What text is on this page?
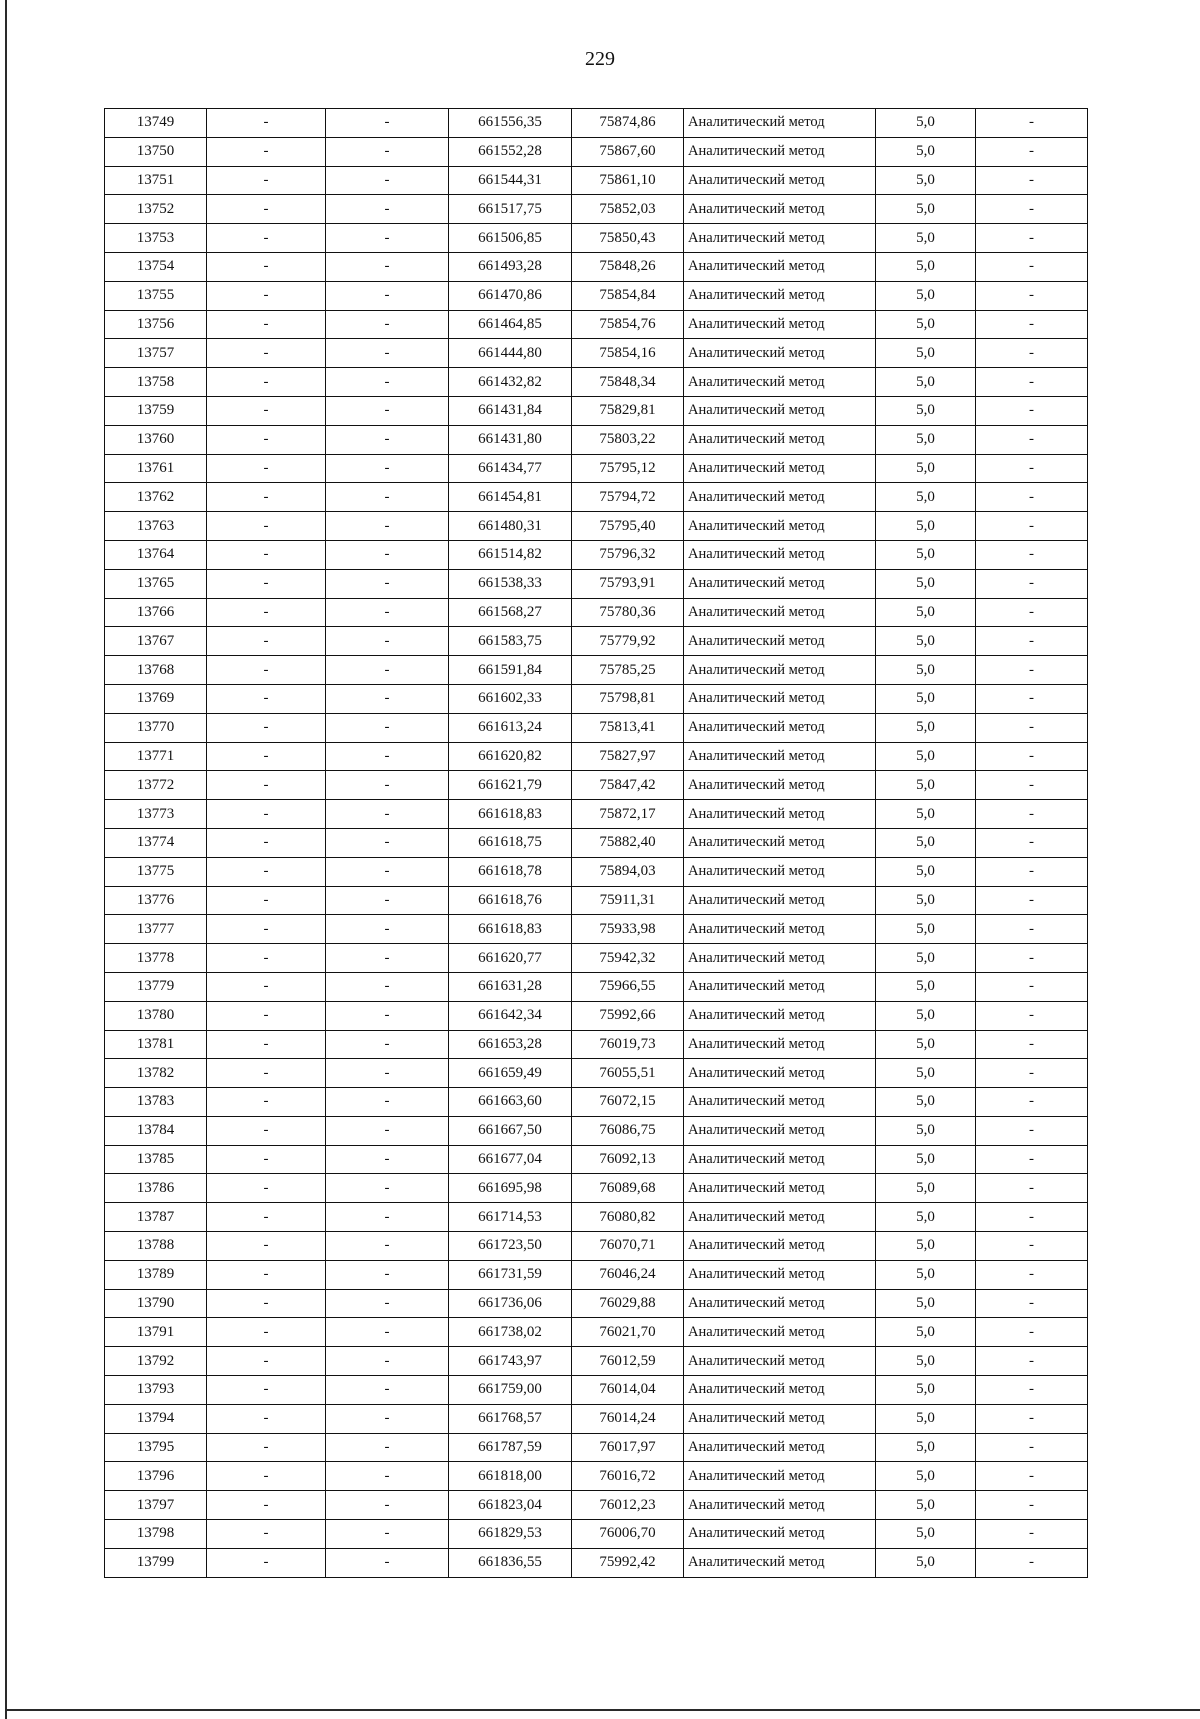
229
13749	-	-	661556,35	75874,86	Аналитический метод	5,0	-
13750	-	-	661552,28	75867,60	Аналитический метод	5,0	-
13751	-	-	661544,31	75861,10	Аналитический метод	5,0	-
13752	-	-	661517,75	75852,03	Аналитический метод	5,0	-
13753	-	-	661506,85	75850,43	Аналитический метод	5,0	-
13754	-	-	661493,28	75848,26	Аналитический метод	5,0	-
13755	-	-	661470,86	75854,84	Аналитический метод	5,0	-
13756	-	-	661464,85	75854,76	Аналитический метод	5,0	-
13757	-	-	661444,80	75854,16	Аналитический метод	5,0	-
13758	-	-	661432,82	75848,34	Аналитический метод	5,0	-
13759	-	-	661431,84	75829,81	Аналитический метод	5,0	-
13760	-	-	661431,80	75803,22	Аналитический метод	5,0	-
13761	-	-	661434,77	75795,12	Аналитический метод	5,0	-
13762	-	-	661454,81	75794,72	Аналитический метод	5,0	-
13763	-	-	661480,31	75795,40	Аналитический метод	5,0	-
13764	-	-	661514,82	75796,32	Аналитический метод	5,0	-
13765	-	-	661538,33	75793,91	Аналитический метод	5,0	-
13766	-	-	661568,27	75780,36	Аналитический метод	5,0	-
13767	-	-	661583,75	75779,92	Аналитический метод	5,0	-
13768	-	-	661591,84	75785,25	Аналитический метод	5,0	-
13769	-	-	661602,33	75798,81	Аналитический метод	5,0	-
13770	-	-	661613,24	75813,41	Аналитический метод	5,0	-
13771	-	-	661620,82	75827,97	Аналитический метод	5,0	-
13772	-	-	661621,79	75847,42	Аналитический метод	5,0	-
13773	-	-	661618,83	75872,17	Аналитический метод	5,0	-
13774	-	-	661618,75	75882,40	Аналитический метод	5,0	-
13775	-	-	661618,78	75894,03	Аналитический метод	5,0	-
13776	-	-	661618,76	75911,31	Аналитический метод	5,0	-
13777	-	-	661618,83	75933,98	Аналитический метод	5,0	-
13778	-	-	661620,77	75942,32	Аналитический метод	5,0	-
13779	-	-	661631,28	75966,55	Аналитический метод	5,0	-
13780	-	-	661642,34	75992,66	Аналитический метод	5,0	-
13781	-	-	661653,28	76019,73	Аналитический метод	5,0	-
13782	-	-	661659,49	76055,51	Аналитический метод	5,0	-
13783	-	-	661663,60	76072,15	Аналитический метод	5,0	-
13784	-	-	661667,50	76086,75	Аналитический метод	5,0	-
13785	-	-	661677,04	76092,13	Аналитический метод	5,0	-
13786	-	-	661695,98	76089,68	Аналитический метод	5,0	-
13787	-	-	661714,53	76080,82	Аналитический метод	5,0	-
13788	-	-	661723,50	76070,71	Аналитический метод	5,0	-
13789	-	-	661731,59	76046,24	Аналитический метод	5,0	-
13790	-	-	661736,06	76029,88	Аналитический метод	5,0	-
13791	-	-	661738,02	76021,70	Аналитический метод	5,0	-
13792	-	-	661743,97	76012,59	Аналитический метод	5,0	-
13793	-	-	661759,00	76014,04	Аналитический метод	5,0	-
13794	-	-	661768,57	76014,24	Аналитический метод	5,0	-
13795	-	-	661787,59	76017,97	Аналитический метод	5,0	-
13796	-	-	661818,00	76016,72	Аналитический метод	5,0	-
13797	-	-	661823,04	76012,23	Аналитический метод	5,0	-
13798	-	-	661829,53	76006,70	Аналитический метод	5,0	-
13799	-	-	661836,55	75992,42	Аналитический метод	5,0	-
